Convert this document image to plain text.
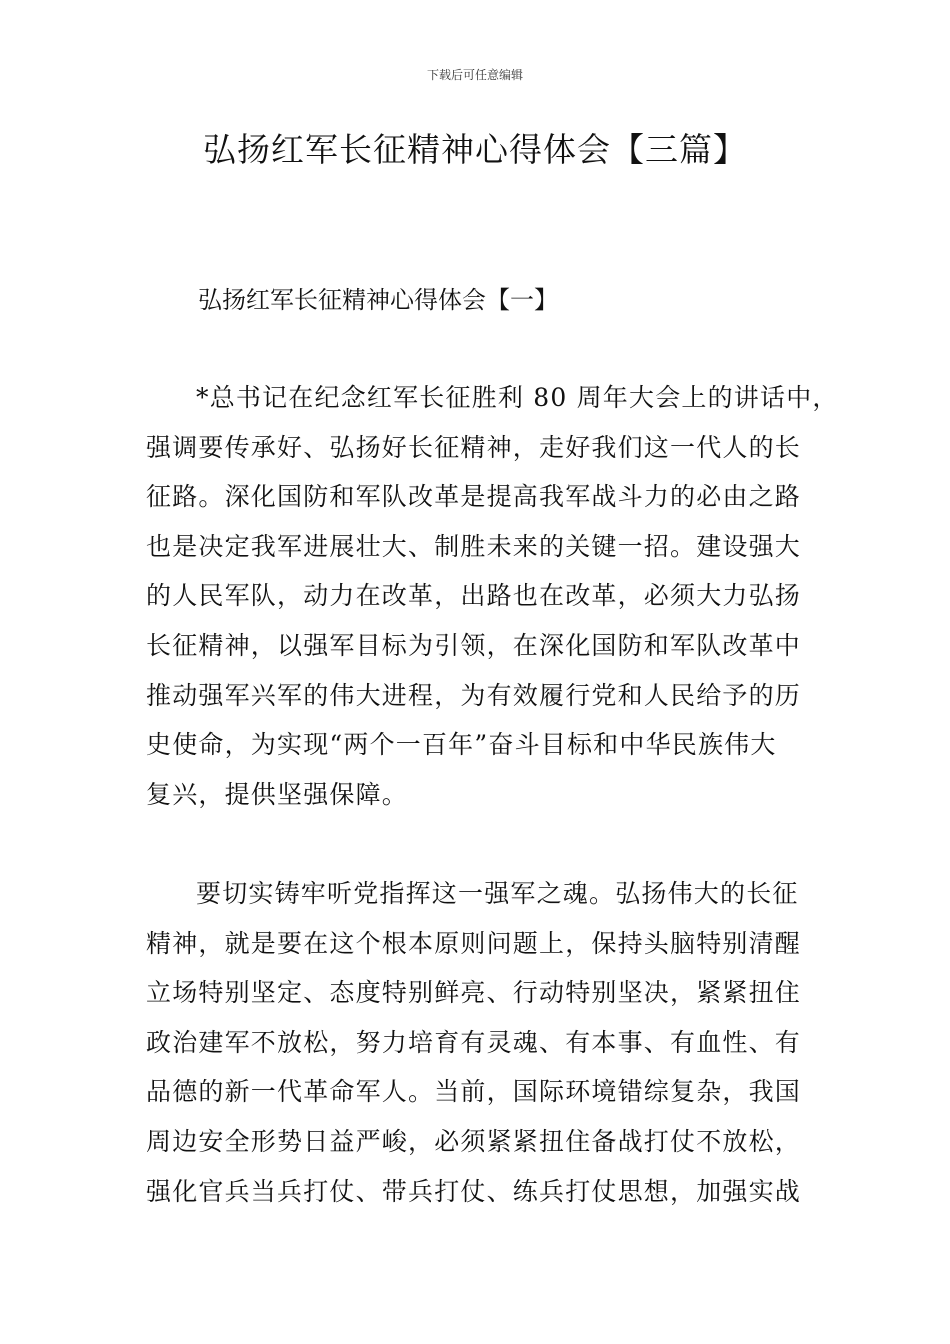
下载后可任意编辑
弘扬红军长征精神心得体会【三篇】
弘扬红军长征精神心得体会【一】
*总书记在纪念红军长征胜利 80 周年大会上的讲话中，
强调要传承好、弘扬好长征精神，走好我们这一代人的长
征路。深化国防和军队改革是提高我军战斗力的必由之路
也是决定我军进展壮大、制胜未来的关键一招。建设强大
的人民军队，动力在改革，出路也在改革，必须大力弘扬
长征精神，以强军目标为引领，在深化国防和军队改革中
推动强军兴军的伟大进程，为有效履行党和人民给予的历
史使命，为实现“两个一百年”奋斗目标和中华民族伟大
复兴，提供坚强保障。
要切实铸牢听党指挥这一强军之魂。弘扬伟大的长征
精神，就是要在这个根本原则问题上，保持头脑特别清醒
立场特别坚定、态度特别鲜亮、行动特别坚决，紧紧扭住
政治建军不放松，努力培育有灵魂、有本事、有血性、有
品德的新一代革命军人。当前，国际环境错综复杂，我国
周边安全形势日益严峻，必须紧紧扭住备战打仗不放松，
强化官兵当兵打仗、带兵打仗、练兵打仗思想，加强实战
